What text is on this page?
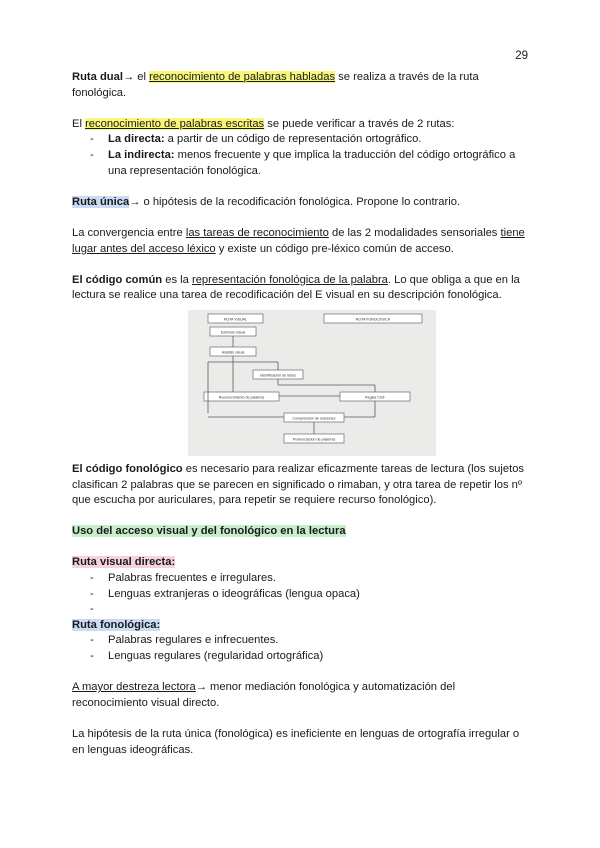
29

Ruta dual→ el reconocimiento de palabras habladas se realiza a través de la ruta fonológica.

El reconocimiento de palabras escritas se puede verificar a través de 2 rutas:

- La directa: a partir de un código de representación ortográfico.
- La indirecta: menos frecuente y que implica la traducción del código ortográfico a una representación fonológica.

Ruta única→ o hipótesis de la recodificación fonológica. Propone lo contrario.

La convergencia entre las tareas de reconocimiento de las 2 modalidades sensoriales tiene lugar antes del acceso léxico y existe un código pre-léxico común de acceso.

El código común es la representación fonológica de la palabra. Lo que obliga a que en la lectura se realice una tarea de recodificación del E visual en su descripción fonológica.

RUTA VISUAL	RUTA FONOLÓGICA
Estímulo visual
Análisis visual
Identificación de letras
Reconocimiento de palabras	Reglas CGF
Comprensión de oraciones
Pronunciación de palabras

El código fonológico es necesario para realizar eficazmente tareas de lectura (los sujetos clasifican 2 palabras que se parecen en significado o rimaban, y otra tarea de repetir los nº que escucha por auriculares, para repetir se requiere recurso fonológico).

Uso del acceso visual y del fonológico en la lectura

Ruta visual directa:

- Palabras frecuentes e irregulares.
- Lenguas extranjeras o ideográficas (lengua opaca)
-

Ruta fonológica:

- Palabras regulares e infrecuentes.
- Lenguas regulares (regularidad ortográfica)

A mayor destreza lectora→ menor mediación fonológica y automatización del reconocimiento visual directo.

La hipótesis de la ruta única (fonológica) es ineficiente en lenguas de ortografía irregular o en lenguas ideográficas.
